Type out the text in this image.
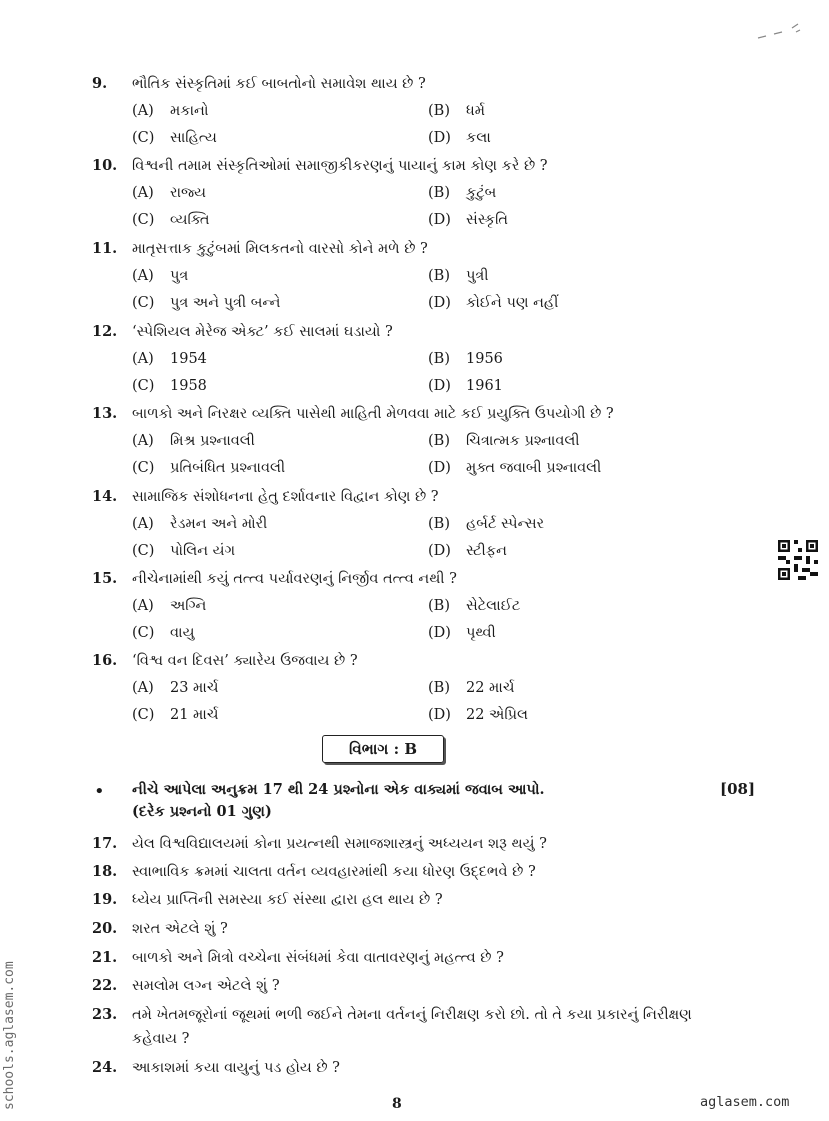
9. ભૌતિક સંસ્કૃતિમાં કઈ બાબતોનો સમાવેશ થાય છે ?
(A) મકાનો	(B) ધર્મ
(C) સાહિત્ય	(D) કલા
10. વિશ્વની તમામ સંસ્કૃતિઓમાં સમાજીકીકરણનું પાયાનું કામ કોણ કરે છે ?
(A) રાજ્ય	(B) કુટુંબ
(C) વ્યક્તિ	(D) સંસ્કૃતિ
11. માતૃસત્તાક કુટુંબમાં મિલકતનો વારસો કોને મળે છે ?
(A) પુત્ર	(B) પુત્રી
(C) પુત્ર અને પુત્રી બન્ને	(D) કોઈને પણ નહીં
12. ‘સ્પેશિયલ મેરેજ એક્ટ’ કઈ સાલમાં ઘડાયો ?
(A) 1954	(B) 1956
(C) 1958	(D) 1961
13. બાળકો અને નિરક્ષર વ્યક્તિ પાસેથી માહિતી મેળવવા માટે કઈ પ્રયુક્તિ ઉપયોગી છે ?
(A) મિશ્ર પ્રશ્નાવલી	(B) ચિત્રાત્મક પ્રશ્નાવલી
(C) પ્રતિબંધિત પ્રશ્નાવલી	(D) મુક્ત જવાબી પ્રશ્નાવલી
14. સામાજિક સંશોધનના હેતુ દર્શાવનાર વિદ્વાન કોણ છે ?
(A) રેડમન અને મોરી	(B) હર્બર્ટ સ્પેન્સર
(C) પોલિન યંગ	(D) સ્ટીફન
15. નીચેનામાંથી કયું તત્ત્વ પર્યાવરણનું નિર્જીવ તત્ત્વ નથી ?
(A) અગ્નિ	(B) સેટેલાઈટ
(C) વાયુ	(D) પૃથ્વી
16. ‘વિશ્વ વન દિવસ’ ક્યારેય ઉજવાય છે ?
(A) 23 માર્ચ	(B) 22 માર્ચ
(C) 21 માર્ચ	(D) 22 એપ્રિલ
વિભાગ : B
• નીચે આપેલા અનુક્રમ 17 થી 24 પ્રશ્નોના એક વાક્યમાં જવાબ આપો.
(દરેક પ્રશ્નનો 01 ગુણ)
[08]
17. યેલ વિશ્વવિદ્યાલયમાં કોના પ્રયત્નથી સમાજશાસ્ત્રનું અધ્યયન શરૂ થયું ?
18. સ્વાભાવિક ક્રમમાં ચાલતા વર્તન વ્યવહારમાંથી કયા ધોરણ ઉદ્દભવે છે ?
19. ધ્યેય પ્રાપ્તિની સમસ્યા કઈ સંસ્થા દ્વારા હલ થાય છે ?
20. શરત એટલે શું ?
21. બાળકો અને મિત્રો વચ્ચેના સંબંધમાં કેવા વાતાવરણનું મહત્ત્વ છે ?
22. સમલોમ લગ્ન એટલે શું ?
23. તમે ખેતમજૂરોનાં જૂથમાં ભળી જઈને તેમના વર્તનનું નિરીક્ષણ કરો છો. તો તે કયા પ્રકારનું નિરીક્ષણ કહેવાય ?
24. આકાશમાં કયા વાયુનું પડ હોય છે ?
8
schools.aglasem.com	aglasem.com
